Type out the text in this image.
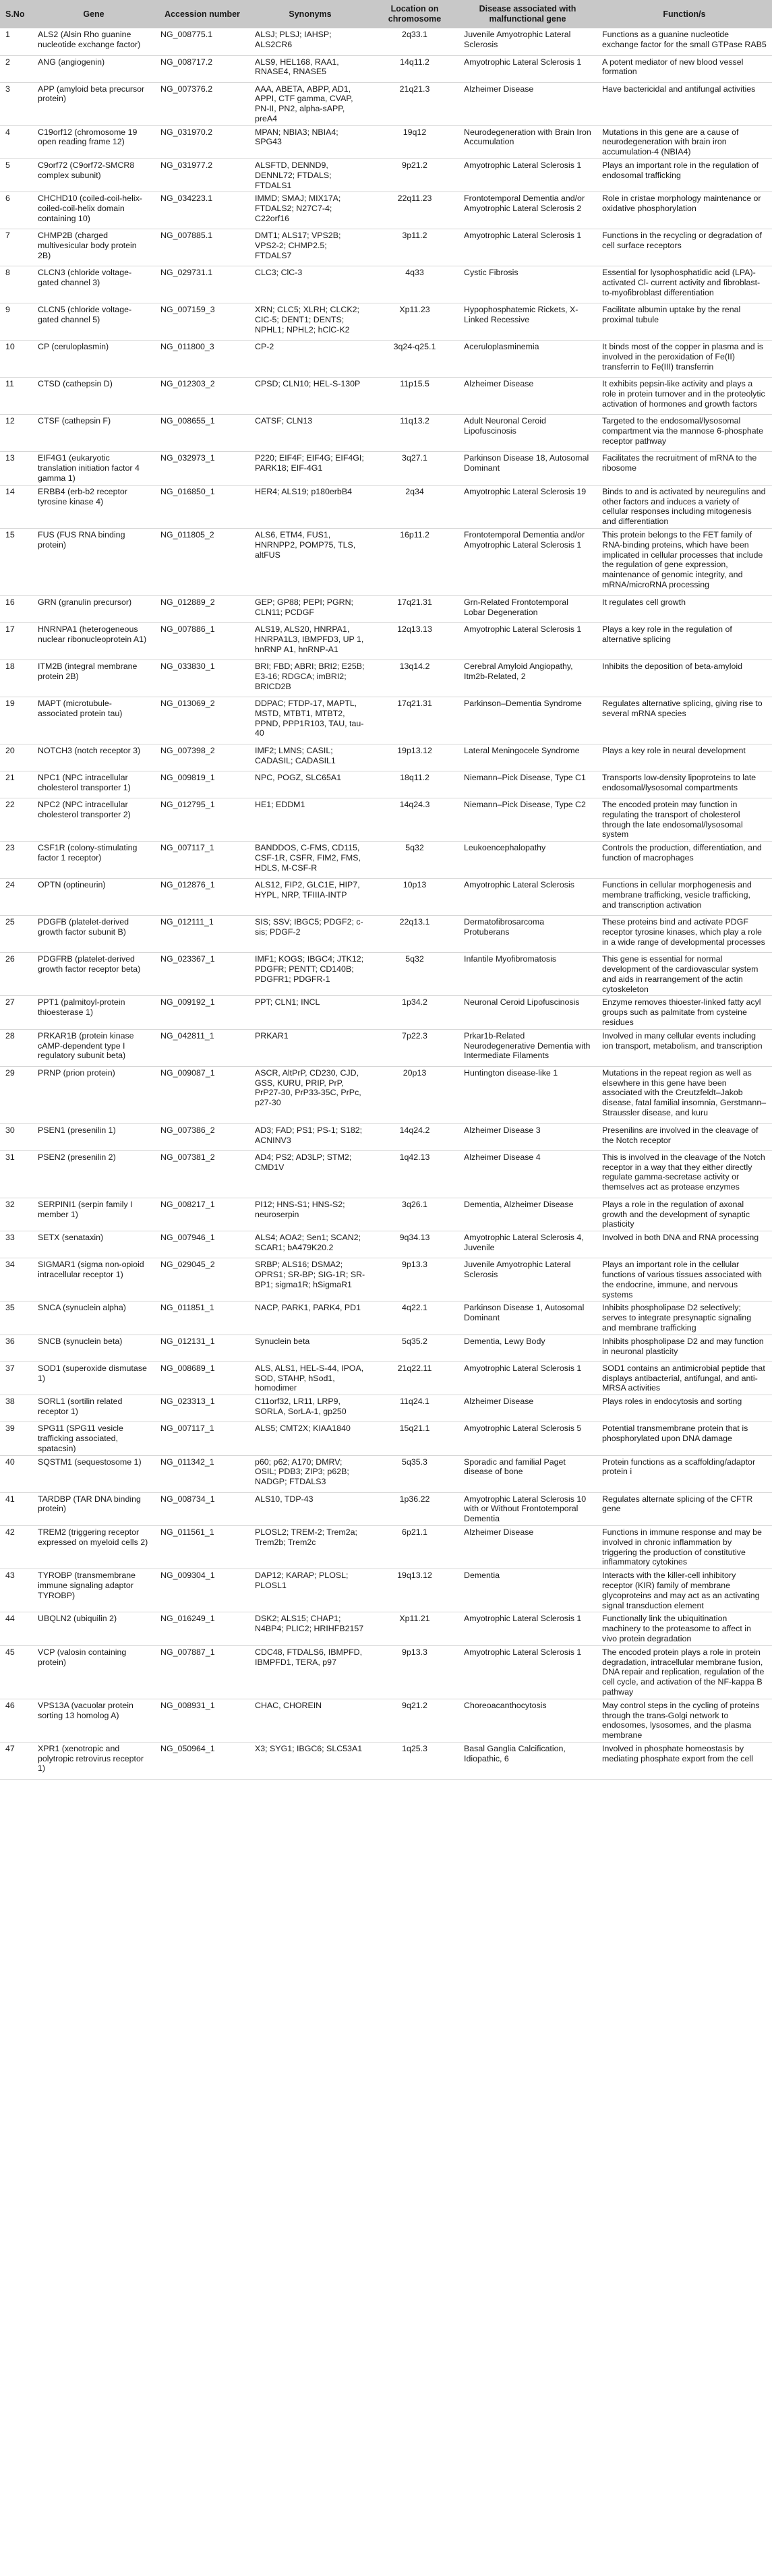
S.No	Gene	Accession number	Synonyms	Location on chromosome	Disease associated with malfunctional gene	Function/s
1	ALS2 (Alsin Rho guanine nucleotide exchange factor)	NG_008775.1	ALSJ; PLSJ; IAHSP; ALS2CR6	2q33.1	Juvenile Amyotrophic Lateral Sclerosis	Functions as a guanine nucleotide exchange factor for the small GTPase RAB5
2	ANG (angiogenin)	NG_008717.2	ALS9, HEL168, RAA1, RNASE4, RNASE5	14q11.2	Amyotrophic Lateral Sclerosis 1	A potent mediator of new blood vessel formation
3	APP (amyloid beta precursor protein)	NG_007376.2	AAA, ABETA, ABPP, AD1, APPI, CTF gamma, CVAP, PN-II, PN2, alpha-sAPP, preA4	21q21.3	Alzheimer Disease	Have bactericidal and antifungal activities
4	C19orf12 (chromosome 19 open reading frame 12)	NG_031970.2	MPAN; NBIA3; NBIA4; SPG43	19q12	Neurodegeneration with Brain Iron Accumulation	Mutations in this gene are a cause of neurodegeneration with brain iron accumulation-4 (NBIA4)
5	C9orf72 (C9orf72-SMCR8 complex subunit)	NG_031977.2	ALSFTD, DENND9, DENNL72; FTDALS; FTDALS1	9p21.2	Amyotrophic Lateral Sclerosis 1	Plays an important role in the regulation of endosomal trafficking
6	CHCHD10 (coiled-coil-helix-coiled-coil-helix domain containing 10)	NG_034223.1	IMMD; SMAJ; MIX17A; FTDALS2; N27C7-4; C22orf16	22q11.23	Frontotemporal Dementia and/or Amyotrophic Lateral Sclerosis 2	Role in cristae morphology maintenance or oxidative phosphorylation
7	CHMP2B (charged multivesicular body protein 2B)	NG_007885.1	DMT1; ALS17; VPS2B; VPS2-2; CHMP2.5; FTDALS7	3p11.2	Amyotrophic Lateral Sclerosis 1	Functions in the recycling or degradation of cell surface receptors
8	CLCN3 (chloride voltage-gated channel 3)	NG_029731.1	CLC3; ClC-3	4q33	Cystic Fibrosis	Essential for lysophosphatidic acid (LPA)-activated Cl- current activity and fibroblast-to-myofibroblast differentiation
9	CLCN5 (chloride voltage-gated channel 5)	NG_007159_3	XRN; CLC5; XLRH; CLCK2; CIC-5; DENT1; DENTS; NPHL1; NPHL2; hClC-K2	Xp11.23	Hypophosphatemic Rickets, X-Linked Recessive	Facilitate albumin uptake by the renal proximal tubule
10	CP (ceruloplasmin)	NG_011800_3	CP-2	3q24-q25.1	Aceruloplasminemia	It binds most of the copper in plasma and is involved in the peroxidation of Fe(II) transferrin to Fe(III) transferrin
11	CTSD (cathepsin D)	NG_012303_2	CPSD; CLN10; HEL-S-130P	11p15.5	Alzheimer Disease	It exhibits pepsin-like activity and plays a role in protein turnover and in the proteolytic activation of hormones and growth factors
12	CTSF (cathepsin F)	NG_008655_1	CATSF; CLN13	11q13.2	Adult Neuronal Ceroid Lipofuscinosis	Targeted to the endosomal/lysosomal compartment via the mannose 6-phosphate receptor pathway
13	EIF4G1 (eukaryotic translation initiation factor 4 gamma 1)	NG_032973_1	P220; EIF4F; EIF4G; EIF4GI; PARK18; EIF-4G1	3q27.1	Parkinson Disease 18, Autosomal Dominant	Facilitates the recruitment of mRNA to the ribosome
14	ERBB4 (erb-b2 receptor tyrosine kinase 4)	NG_016850_1	HER4; ALS19; p180erbB4	2q34	Amyotrophic Lateral Sclerosis 19	Binds to and is activated by neuregulins and other factors and induces a variety of cellular responses including mitogenesis and differentiation
15	FUS (FUS RNA binding protein)	NG_011805_2	ALS6, ETM4, FUS1, HNRNPP2, POMP75, TLS, altFUS	16p11.2	Frontotemporal Dementia and/or Amyotrophic Lateral Sclerosis 1	This protein belongs to the FET family of RNA-binding proteins, which have been implicated in cellular processes that include the regulation of gene expression, maintenance of genomic integrity, and mRNA/microRNA processing
16	GRN (granulin precursor)	NG_012889_2	GEP; GP88; PEPI; PGRN; CLN11; PCDGF	17q21.31	Grn-Related Frontotemporal Lobar Degeneration	It regulates cell growth
17	HNRNPA1 (heterogeneous nuclear ribonucleoprotein A1)	NG_007886_1	ALS19, ALS20, HNRPA1, HNRPA1L3, IBMPFD3, UP 1, hnRNP A1, hnRNP-A1	12q13.13	Amyotrophic Lateral Sclerosis 1	Plays a key role in the regulation of alternative splicing
18	ITM2B (integral membrane protein 2B)	NG_033830_1	BRI; FBD; ABRI; BRI2; E25B; E3-16; RDGCA; imBRI2; BRICD2B	13q14.2	Cerebral Amyloid Angiopathy, Itm2b-Related, 2	Inhibits the deposition of beta-amyloid
19	MAPT (microtubule-associated protein tau)	NG_013069_2	DDPAC; FTDP-17, MAPTL, MSTD, MTBT1, MTBT2, PPND, PPP1R103, TAU, tau-40	17q21.31	Parkinson–Dementia Syndrome	Regulates alternative splicing, giving rise to several mRNA species
20	NOTCH3 (notch receptor 3)	NG_007398_2	IMF2; LMNS; CASIL; CADASIL; CADASIL1	19p13.12	Lateral Meningocele Syndrome	Plays a key role in neural development
21	NPC1 (NPC intracellular cholesterol transporter 1)	NG_009819_1	NPC, POGZ, SLC65A1	18q11.2	Niemann–Pick Disease, Type C1	Transports low-density lipoproteins to late endosomal/lysosomal compartments
22	NPC2 (NPC intracellular cholesterol transporter 2)	NG_012795_1	HE1; EDDM1	14q24.3	Niemann–Pick Disease, Type C2	The encoded protein may function in regulating the transport of cholesterol through the late endosomal/lysosomal system
23	CSF1R (colony-stimulating factor 1 receptor)	NG_007117_1	BANDDOS, C-FMS, CD115, CSF-1R, CSFR, FIM2, FMS, HDLS, M-CSF-R	5q32	Leukoencephalopathy	Controls the production, differentiation, and function of macrophages
24	OPTN (optineurin)	NG_012876_1	ALS12, FIP2, GLC1E, HIP7, HYPL, NRP, TFIIIA-INTP	10p13	Amyotrophic Lateral Sclerosis	Functions in cellular morphogenesis and membrane trafficking, vesicle trafficking, and transcription activation
25	PDGFB (platelet-derived growth factor subunit B)	NG_012111_1	SIS; SSV; IBGC5; PDGF2; c-sis; PDGF-2	22q13.1	Dermatofibrosarcoma Protuberans	These proteins bind and activate PDGF receptor tyrosine kinases, which play a role in a wide range of developmental processes
26	PDGFRB (platelet-derived growth factor receptor beta)	NG_023367_1	IMF1; KOGS; IBGC4; JTK12; PDGFR; PENTT; CD140B; PDGFR1; PDGFR-1	5q32	Infantile Myofibromatosis	This gene is essential for normal development of the cardiovascular system and aids in rearrangement of the actin cytoskeleton
27	PPT1 (palmitoyl-protein thioesterase 1)	NG_009192_1	PPT; CLN1; INCL	1p34.2	Neuronal Ceroid Lipofuscinosis	Enzyme removes thioester-linked fatty acyl groups such as palmitate from cysteine residues
28	PRKAR1B (protein kinase cAMP-dependent type I regulatory subunit beta)	NG_042811_1	PRKAR1	7p22.3	Prkar1b-Related Neurodegenerative Dementia with Intermediate Filaments	Involved in many cellular events including ion transport, metabolism, and transcription
29	PRNP (prion protein)	NG_009087_1	ASCR, AltPrP, CD230, CJD, GSS, KURU, PRIP, PrP, PrP27-30, PrP33-35C, PrPc, p27-30	20p13	Huntington disease-like 1	Mutations in the repeat region as well as elsewhere in this gene have been associated with the Creutzfeldt–Jakob disease, fatal familial insomnia, Gerstmann–Straussler disease, and kuru
30	PSEN1 (presenilin 1)	NG_007386_2	AD3; FAD; PS1; PS-1; S182; ACNINV3	14q24.2	Alzheimer Disease 3	Presenilins are involved in the cleavage of the Notch receptor
31	PSEN2 (presenilin 2)	NG_007381_2	AD4; PS2; AD3LP; STM2; CMD1V	1q42.13	Alzheimer Disease 4	This is involved in the cleavage of the Notch receptor in a way that they either directly regulate gamma-secretase activity or themselves act as protease enzymes
32	SERPINI1 (serpin family I member 1)	NG_008217_1	PI12; HNS-S1; HNS-S2; neuroserpin	3q26.1	Dementia, Alzheimer Disease	Plays a role in the regulation of axonal growth and the development of synaptic plasticity
33	SETX (senataxin)	NG_007946_1	ALS4; AOA2; Sen1; SCAN2; SCAR1; bA479K20.2	9q34.13	Amyotrophic Lateral Sclerosis 4, Juvenile	Involved in both DNA and RNA processing
34	SIGMAR1 (sigma non-opioid intracellular receptor 1)	NG_029045_2	SRBP; ALS16; DSMA2; OPRS1; SR-BP; SIG-1R; SR-BP1; sigma1R; hSigmaR1	9p13.3	Juvenile Amyotrophic Lateral Sclerosis	Plays an important role in the cellular functions of various tissues associated with the endocrine, immune, and nervous systems
35	SNCA (synuclein alpha)	NG_011851_1	NACP, PARK1, PARK4, PD1	4q22.1	Parkinson Disease 1, Autosomal Dominant	Inhibits phospholipase D2 selectively; serves to integrate presynaptic signaling and membrane trafficking
36	SNCB (synuclein beta)	NG_012131_1	Synuclein beta	5q35.2	Dementia, Lewy Body	Inhibits phospholipase D2 and may function in neuronal plasticity
37	SOD1 (superoxide dismutase 1)	NG_008689_1	ALS, ALS1, HEL-S-44, IPOA, SOD, STAHP, hSod1, homodimer	21q22.11	Amyotrophic Lateral Sclerosis 1	SOD1 contains an antimicrobial peptide that displays antibacterial, antifungal, and anti-MRSA activities
38	SORL1 (sortilin related receptor 1)	NG_023313_1	C11orf32, LR11, LRP9, SORLA, SorLA-1, gp250	11q24.1	Alzheimer Disease	Plays roles in endocytosis and sorting
39	SPG11 (SPG11 vesicle trafficking associated, spatacsin)	NG_007117_1	ALS5; CMT2X; KIAA1840	15q21.1	Amyotrophic Lateral Sclerosis 5	Potential transmembrane protein that is phosphorylated upon DNA damage
40	SQSTM1 (sequestosome 1)	NG_011342_1	p60; p62; A170; DMRV; OSIL; PDB3; ZIP3; p62B; NADGP; FTDALS3	5q35.3	Sporadic and familial Paget disease of bone	Protein functions as a scaffolding/adaptor protein i
41	TARDBP (TAR DNA binding protein)	NG_008734_1	ALS10, TDP-43	1p36.22	Amyotrophic Lateral Sclerosis 10 with or Without Frontotemporal Dementia	Regulates alternate splicing of the CFTR gene
42	TREM2 (triggering receptor expressed on myeloid cells 2)	NG_011561_1	PLOSL2; TREM-2; Trem2a; Trem2b; Trem2c	6p21.1	Alzheimer Disease	Functions in immune response and may be involved in chronic inflammation by triggering the production of constitutive inflammatory cytokines
43	TYROBP (transmembrane immune signaling adaptor TYROBP)	NG_009304_1	DAP12; KARAP; PLOSL; PLOSL1	19q13.12	Dementia	Interacts with the killer-cell inhibitory receptor (KIR) family of membrane glycoproteins and may act as an activating signal transduction element
44	UBQLN2 (ubiquilin 2)	NG_016249_1	DSK2; ALS15; CHAP1; N4BP4; PLIC2; HRIHFB2157	Xp11.21	Amyotrophic Lateral Sclerosis 1	Functionally link the ubiquitination machinery to the proteasome to affect in vivo protein degradation
45	VCP (valosin containing protein)	NG_007887_1	CDC48, FTDALS6, IBMPFD, IBMPFD1, TERA, p97	9p13.3	Amyotrophic Lateral Sclerosis 1	The encoded protein plays a role in protein degradation, intracellular membrane fusion, DNA repair and replication, regulation of the cell cycle, and activation of the NF-kappa B pathway
46	VPS13A (vacuolar protein sorting 13 homolog A)	NG_008931_1	CHAC, CHOREIN	9q21.2	Choreoacanthocytosis	May control steps in the cycling of proteins through the trans-Golgi network to endosomes, lysosomes, and the plasma membrane
47	XPR1 (xenotropic and polytropic retrovirus receptor 1)	NG_050964_1	X3; SYG1; IBGC6; SLC53A1	1q25.3	Basal Ganglia Calcification, Idiopathic, 6	Involved in phosphate homeostasis by mediating phosphate export from the cell
